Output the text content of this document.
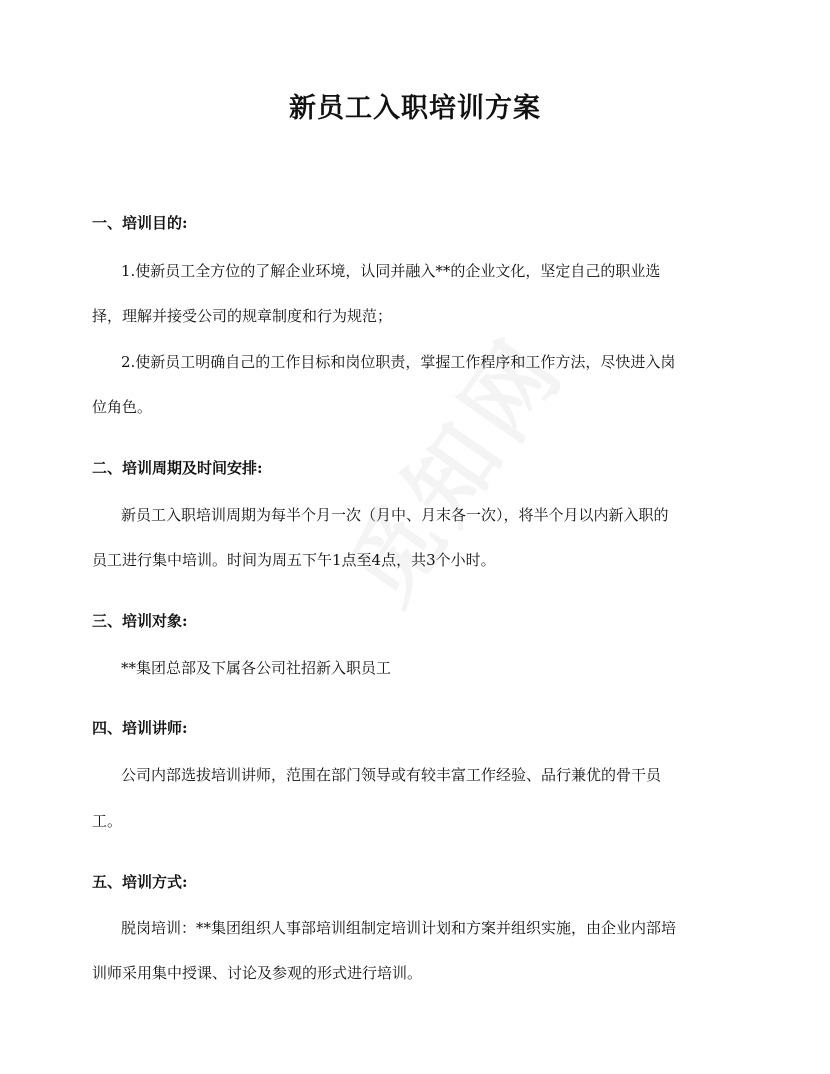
新员工入职培训方案
一、培训目的:
1.使新员工全方位的了解企业环境，认同并融入**的企业文化，坚定自己的职业选
择，理解并接受公司的规章制度和行为规范；
2.使新员工明确自己的工作目标和岗位职责，掌握工作程序和工作方法，尽快进入岗
位角色。
二、培训周期及时间安排:
新员工入职培训周期为每半个月一次（月中、月末各一次），将半个月以内新入职的
员工进行集中培训。时间为周五下午1点至4点，共3个小时。
三、培训对象:
**集团总部及下属各公司社招新入职员工
四、培训讲师:
公司内部选拔培训讲师，范围在部门领导或有较丰富工作经验、品行兼优的骨干员
工。
五、培训方式:
脱岗培训：**集团组织人事部培训组制定培训计划和方案并组织实施，由企业内部培
训师采用集中授课、讨论及参观的形式进行培训。
